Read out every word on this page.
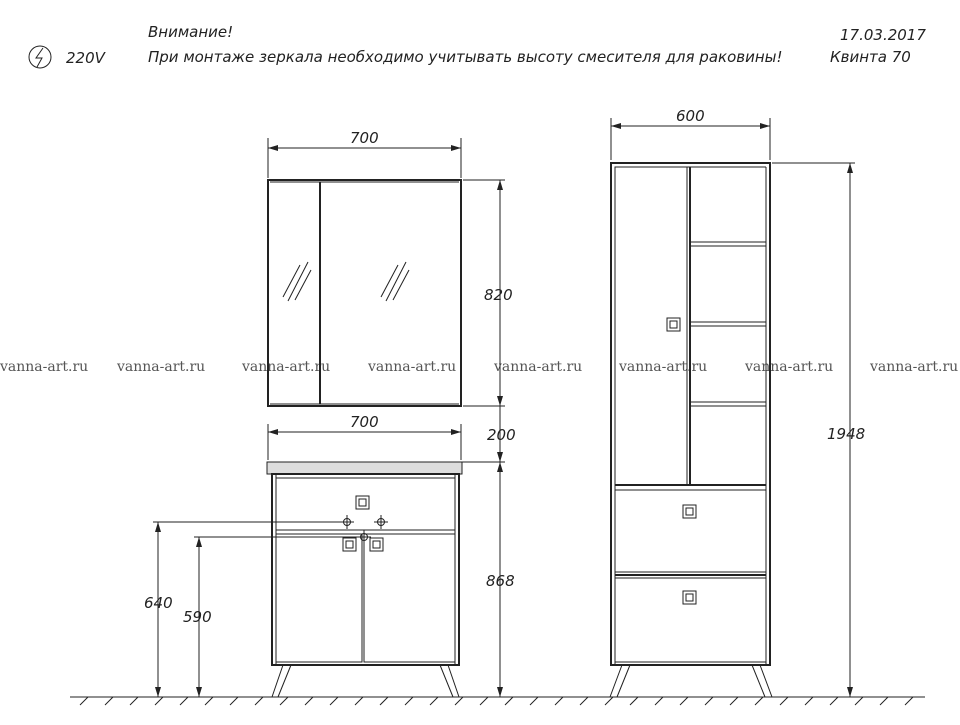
220V
Внимание!
При монтаже зеркала необходимо учитывать высоту смесителя для раковины!
17.03.2017
Квинта 70
vanna-art.ru vanna-art.ru	vanna-art.ru	vanna-art.ru	vanna-art.ru	vanna-art.ru	vanna-art.ru	vanna-art.ru
700
820
200
700
868
640
590
600
1948
